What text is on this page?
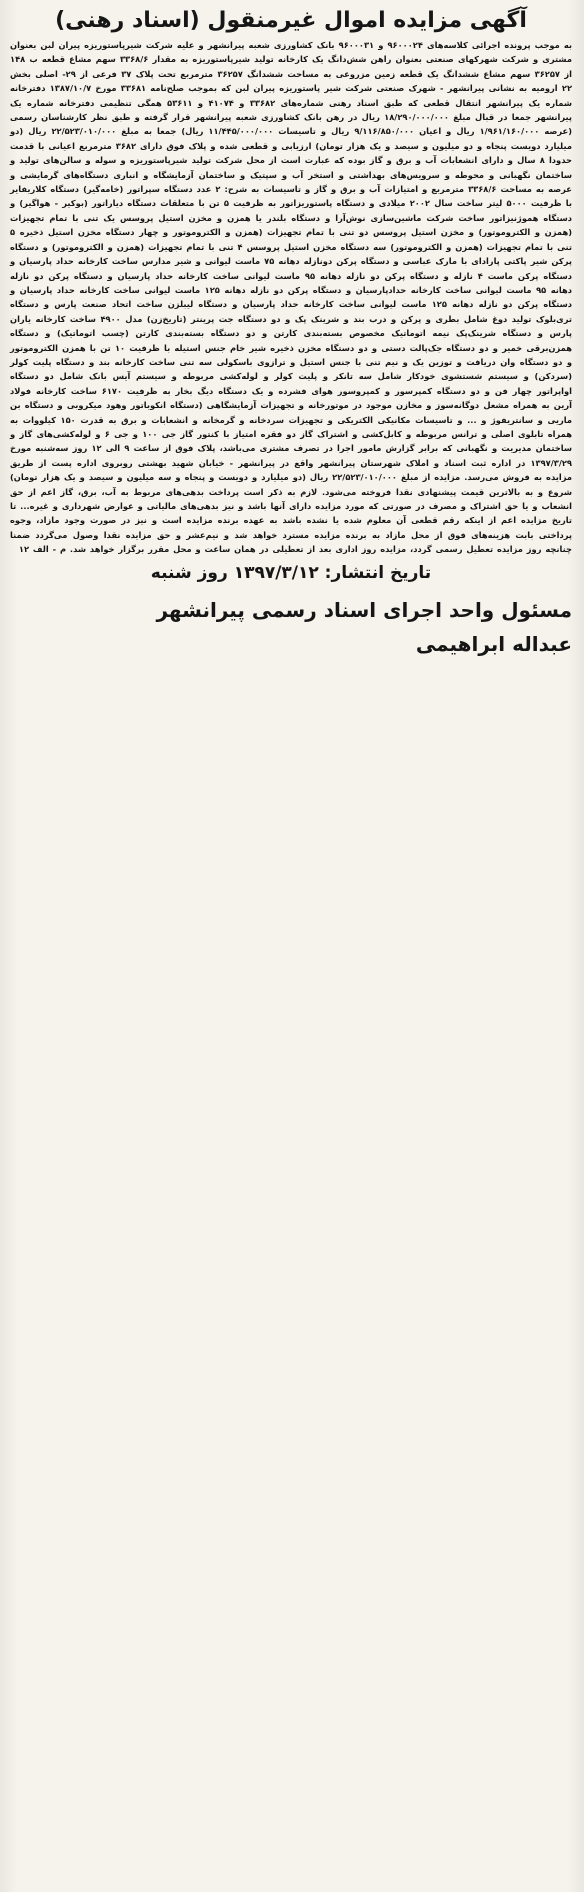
آگهی مزایده اموال غیرمنقول (اسناد رهنی)

به موجب پرونده اجرائی کلاسه‌های ۹۶۰۰۰۲۴ و ۹۶۰۰۰۳۱ بانک کشاورزی شعبه پیرانشهر و علیه شرکت شیرپاستوریزه پیران لبن بعنوان مشتری و شرکت شهرکهای صنعتی بعنوان راهن شش‌دانگ یک کارخانه تولید شیرپاستوریزه به مقدار ۳۳۶۸/۶ سهم مشاع قطعه ب ۱۴۸ از ۳۶۲۵۷ سهم مشاع ششدانگ یک قطعه زمین مزروعی به مساحت ششدانگ ۳۶۲۵۷ مترمربع تحت پلاک ۳۷ فرعی از ۲۹- اصلی بخش ۲۲ ارومیه به نشانی پیرانشهر - شهرک صنعتی شرکت شیر پاستوریزه پیران لبن که بموجب صلح‌نامه ۳۳۶۸۱ مورخ ۱۳۸۷/۱۰/۷ دفترخانه شماره یک پیرانشهر انتقال قطعی که طبق اسناد رهنی شماره‌های ۳۳۶۸۲ و ۴۱۰۷۴ و ۵۳۶۱۱ همگی تنظیمی دفترخانه شماره یک پیرانشهر جمعا در قبال مبلغ ۱۸/۲۹۰/۰۰۰/۰۰۰ ریال در رهن بانک کشاورزی شعبه پیرانشهر قرار گرفته و طبق نظر کارشناسان رسمی (عرصه ۱/۹۶۱/۱۶۰/۰۰۰ ریال و اعیان ۹/۱۱۶/۸۵۰/۰۰۰ ریال و تاسیسات ۱۱/۴۴۵/۰۰۰/۰۰۰ ریال) جمعا به مبلغ ۲۲/۵۲۳/۰۱۰/۰۰۰ ریال (دو میلیارد دویست پنجاه و دو میلیون و سیصد و یک هزار تومان) ارزیابی و قطعی شده و پلاک فوق دارای ۳۶۸۲ مترمربع اعیانی با قدمت حدودا ۸ سال و دارای انشعابات آب و برق و گاز بوده که عبارت است از محل شرکت تولید شیرپاستوریزه و سوله و سالن‌های تولید و ساختمان نگهبانی و محوطه و سرویس‌های بهداشتی و استخر آب و سپتیک و ساختمان آزمایشگاه و انباری دستگاه‌های گرمایشی و عرصه به مساحت ۳۳۶۸/۶ مترمربع و امتیازات آب و برق و گاز و تاسیسات به شرح: ۲ عدد دستگاه سپراتور (خامه‌گیر) دستگاه کلاریفایر با ظرفیت ۵۰۰۰ لیتر ساخت سال ۲۰۰۲ میلادی و دستگاه پاستوریزاتور به ظرفیت ۵ تن با متعلقات دستگاه دیاراتور (بوکیر - هواگیر) و دستگاه هموژنیزاتور ساخت شرکت ماشین‌سازی نوش‌آرا و دستگاه بلندر یا همزن و مخزن استیل پروسس یک تنی با تمام تجهیزات (همزن و الکتروموتور) و مخزن استیل پروسس دو تنی با تمام تجهیزات (همزن و الکتروموتور و چهار دستگاه مخزن استیل ذخیره ۵ تنی با تمام تجهیزات (همزن و الکتروموتور) سه دستگاه مخزن استیل پروسس ۴ تنی با تمام تجهیزات (همزن و الکتروموتور) و دستگاه پرکن شیر پاکتی پارادای با مارک عباسی و دستگاه پرکن دونازله دهانه ۷۵ ماست لیوانی و شیر مدارس ساخت کارخانه حداد پارسیان و دستگاه پرکن ماست ۴ نازله و دستگاه پرکن دو نازله دهانه ۹۵ ماست لیوانی ساخت کارخانه حداد پارسیان و دستگاه پرکن دو نازله دهانه ۹۵ ماست لیوانی ساخت کارخانه حدادپارسیان و دستگاه پرکن دو نازله دهانه ۱۲۵ ماست لیوانی ساخت کارخانه حداد پارسیان و دستگاه پرکن دو نازله دهانه ۱۲۵ ماست لیوانی ساخت کارخانه حداد پارسیان و دستگاه لیبلزن ساخت اتحاد صنعت پارس و دستگاه تری‌بلوک تولید دوغ شامل بطری و پرکن و درب بند و شرینک پک و دو دستگاه جت پرینتر (تاریخ‌زن) مدل ۴۹۰۰ ساخت کارخانه یاران پارس و دستگاه شرینک‌پک نیمه اتوماتیک مخصوص بسته‌بندی کارتن و دو دستگاه بسته‌بندی کارتن (چسب اتوماتیک) و دستگاه همزن‌برقی خمیر و دو دستگاه جک‌پالت دستی و دو دستگاه مخزن ذخیره شیر خام جنس استیله با ظرفیت ۱۰ تن با همزن الکتروموتور و دو دستگاه وان دریافت و توزین یک و نیم تنی با جنس استیل و ترازوی باسکولی سه تنی ساخت کارخانه بند و دستگاه پلیت کولر (سردکن) و سیستم شستشوی خودکار شامل سه تانکر و پلیت کولر و لوله‌کشی مربوطه و سیستم آیس بانک شامل دو دستگاه اواپراتور چهار فن و دو دستگاه کمپرسور و کمپروسور هوای فشرده و یک دستگاه دیگ بخار به ظرفیت ۶۱۷۰ ساخت کارخانه فولاد آرین به همراه مشعل دوگانه‌سوز و مخازن موجود در موتورخانه و تجهیزات آزمایشگاهی (دستگاه انکوباتور وهود میکروبی و دستگاه بن ماریی و سانتریفوژ و ... و تاسیسات مکانیکی الکتریکی و تجهیزات سردخانه و گرمخانه و انشعابات و برق به قدرت ۱۵۰ کیلووات به همراه تابلوی اصلی و ترانس مربوطه و کابل‌کشی و اشتراک گاز دو فقره امتیاز با کنتور گاز جی ۱۰۰ و جی ۶ و لوله‌کشی‌های گاز و ساختمان مدیریت و نگهبانی که برابر گزارش مامور اجرا در تصرف مشتری می‌باشد، پلاک فوق از ساعت ۹ الی ۱۲ روز سه‌شنبه مورخ ۱۳۹۷/۳/۲۹ در اداره ثبت اسناد و املاک شهرستان پیرانشهر واقع در پیرانشهر - خیابان شهید بهشتی روبروی اداره پست از طریق مزایده به فروش می‌رسد. مزایده از مبلغ ۲۲/۵۲۳/۰۱۰/۰۰۰ ریال (دو میلیارد و دویست و پنجاه و سه میلیون و سیصد و یک هزار تومان) شروع و به بالاترین قیمت پیشنهادی نقدا فروخته می‌شود. لازم به ذکر است پرداخت بدهی‌های مربوط به آب، برق، گاز اعم از حق انشعاب و یا حق اشتراک و مصرف در صورتی که مورد مزایده دارای آنها باشد و نیز بدهی‌های مالیاتی و عوارض شهرداری و غیره... تا تاریخ مزایده اعم از اینکه رقم قطعی آن معلوم شده یا نشده باشد به عهده برنده مزایده است و نیز در صورت وجود مازاد، وجوه پرداختی بابت هزینه‌های فوق از محل مازاد به برنده مزایده مسترد خواهد شد و نیم‌عشر و حق مزایده نقدا وصول می‌گردد ضمنا چنانچه روز مزایده تعطیل رسمی گردد، مزایده روز اداری بعد از تعطیلی در همان ساعت و محل مقرر برگزار خواهد شد. م - الف ۱۲

تاریخ انتشار: ۱۳۹۷/۳/۱۲ روز شنبه
مسئول واحد اجرای اسناد رسمی پیرانشهر
عبداله ابراهیمی
